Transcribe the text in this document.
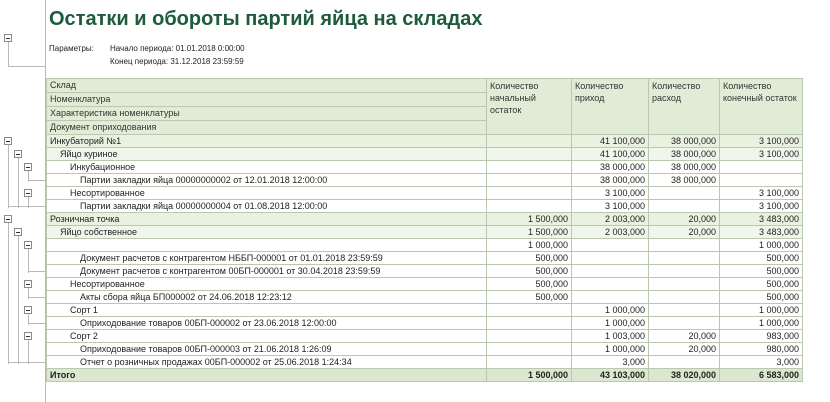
Остатки и обороты партий яйца на складах
Параметры: Начало периода: 01.01.2018 0:00:00
Конец периода: 31.12.2018 23:59:59
Склад
Номенклатура
Характеристика номенклатуры
Документ оприходования	Количество начальный остаток	Количество приход	Количество расход	Количество конечный остаток
Инкубаторий №1		41 100,000	38 000,000	3 100,000
Яйцо куриное		41 100,000	38 000,000	3 100,000
Инкубационное		38 000,000	38 000,000	
Партии закладки яйца 00000000002 от 12.01.2018 12:00:00		38 000,000	38 000,000	
Несортированное		3 100,000		3 100,000
Партии закладки яйца 00000000004 от 01.08.2018 12:00:00		3 100,000		3 100,000
Розничная точка	1 500,000	2 003,000	20,000	3 483,000
Яйцо собственное	1 500,000	2 003,000	20,000	3 483,000
	1 000,000			1 000,000
Документ расчетов с контрагентом НББП-000001 от 01.01.2018 23:59:59	500,000			500,000
Документ расчетов с контрагентом 00БП-000001 от 30.04.2018 23:59:59	500,000			500,000
Несортированное	500,000			500,000
Акты сбора яйца БП000002 от 24.06.2018 12:23:12	500,000			500,000
Сорт 1		1 000,000		1 000,000
Оприходование товаров 00БП-000002 от 23.06.2018 12:00:00		1 000,000		1 000,000
Сорт 2		1 003,000	20,000	983,000
Оприходование товаров 00БП-000003 от 21.06.2018 1:26:09		1 000,000	20,000	980,000
Отчет о розничных продажах 00БП-000002 от 25.06.2018 1:24:34		3,000		3,000
Итого	1 500,000	43 103,000	38 020,000	6 583,000
